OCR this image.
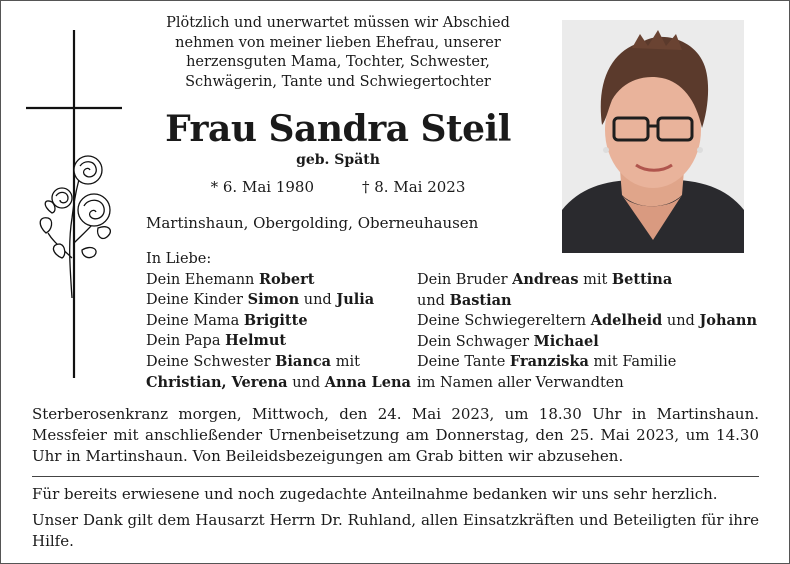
Plötzlich und unerwartet müssen wir Abschied
nehmen von meiner lieben Ehefrau, unserer
herzensguten Mama, Tochter, Schwester,
Schwägerin, Tante und Schwiegertochter
Frau Sandra Steil
geb. Späth
* 6. Mai 1980	† 8. Mai 2023
Martinshaun, Obergolding, Oberneuhausen
In Liebe:
Dein Ehemann Robert
Deine Kinder Simon und Julia
Deine Mama Brigitte
Dein Papa Helmut
Deine Schwester Bianca mit
Christian, Verena und Anna Lena
Dein Bruder Andreas mit Bettina
und Bastian
Deine Schwiegereltern Adelheid und Johann
Dein Schwager Michael
Deine Tante Franziska mit Familie
im Namen aller Verwandten
Sterberosenkranz morgen, Mittwoch, den 24. Mai 2023, um 18.30 Uhr in Martinshaun. Messfeier mit anschließender Urnenbeisetzung am Donnerstag, den 25. Mai 2023, um 14.30 Uhr in Martinshaun. Von Beileidsbezeigungen am Grab bitten wir abzusehen.
Für bereits erwiesene und noch zugedachte Anteilnahme bedanken wir uns sehr herzlich.
Unser Dank gilt dem Hausarzt Herrn Dr. Ruhland, allen Einsatzkräften und Beteiligten für ihre Hilfe.
